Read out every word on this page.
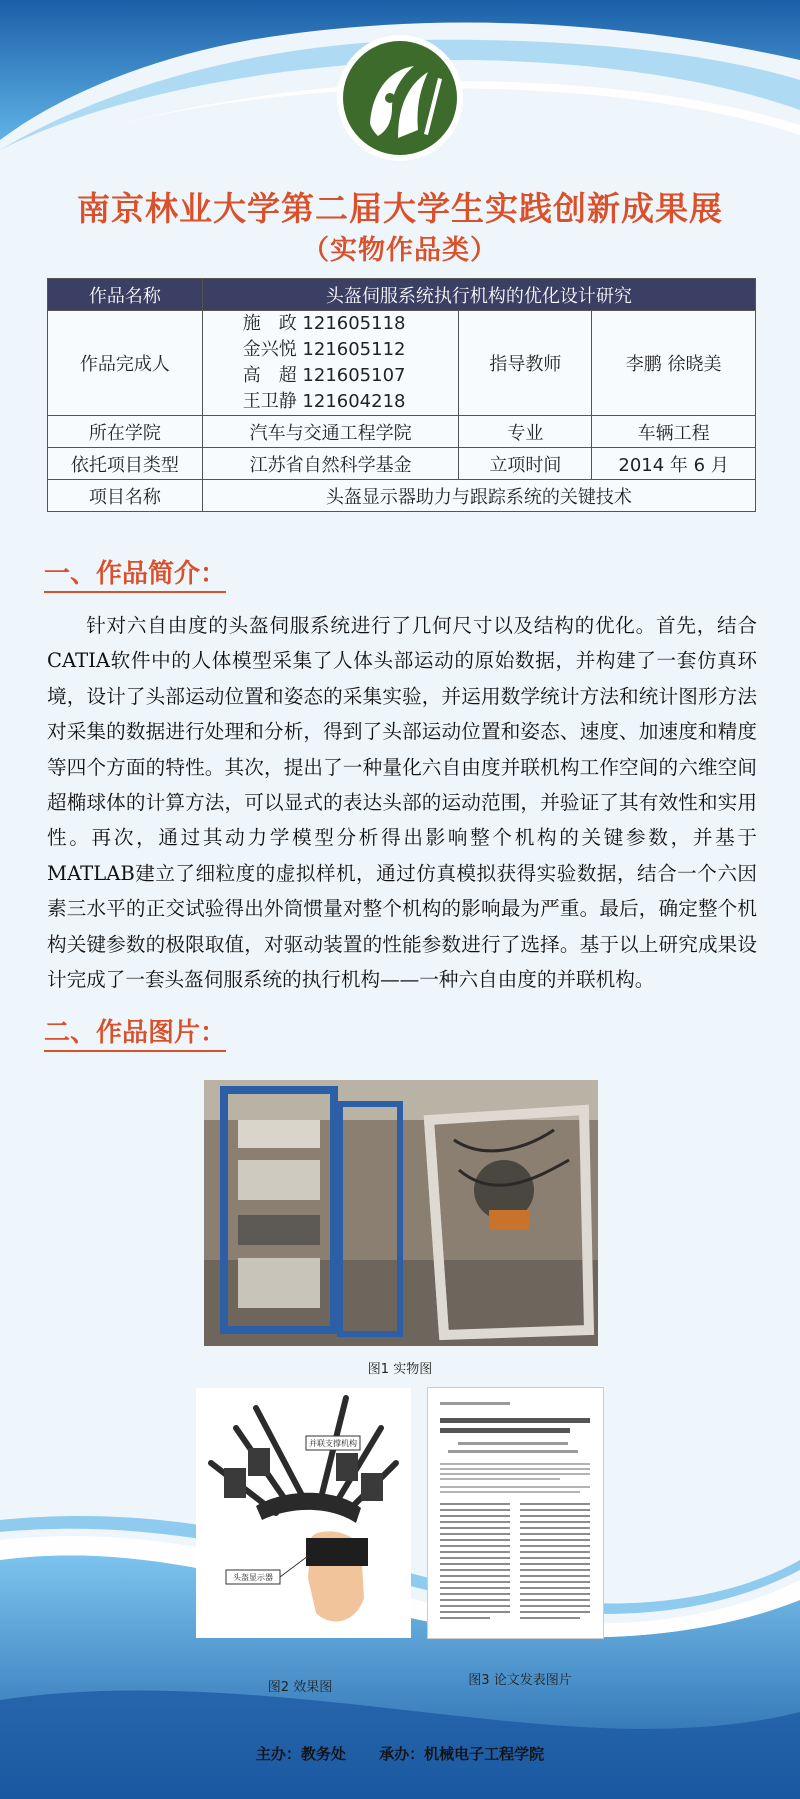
南京林业大学第二届大学生实践创新成果展
（实物作品类）
作品名称	头盔伺服系统执行机构的优化设计研究		
作品完成人	施　政 121605118
金兴悦 121605112
高　超 121605107
王卫静 121604218	指导教师	李鹏 徐晓美
所在学院	汽车与交通工程学院	专业	车辆工程
依托项目类型	江苏省自然科学基金	立项时间	2014 年 6 月
项目名称	头盔显示器助力与跟踪系统的关键技术		
一、作品简介：

针对六自由度的头盔伺服系统进行了几何尺寸以及结构的优化。首先，结合CATIA软件中的人体模型采集了人体头部运动的原始数据，并构建了一套仿真环境，设计了头部运动位置和姿态的采集实验，并运用数学统计方法和统计图形方法对采集的数据进行处理和分析，得到了头部运动位置和姿态、速度、加速度和精度等四个方面的特性。其次，提出了一种量化六自由度并联机构工作空间的六维空间超椭球体的计算方法，可以显式的表达头部的运动范围，并验证了其有效性和实用性。再次，通过其动力学模型分析得出影响整个机构的关键参数，并基于MATLAB建立了细粒度的虚拟样机，通过仿真模拟获得实验数据，结合一个六因素三水平的正交试验得出外筒惯量对整个机构的影响最为严重。最后，确定整个机构关键参数的极限取值，对驱动装置的性能参数进行了选择。基于以上研究成果设计完成了一套头盔伺服系统的执行机构——一种六自由度的并联机构。

二、作品图片：
图1 实物图
并联支撑机构
头盔显示器
图2 效果图	图3 论文发表图片
主办：教务处 承办：机械电子工程学院
